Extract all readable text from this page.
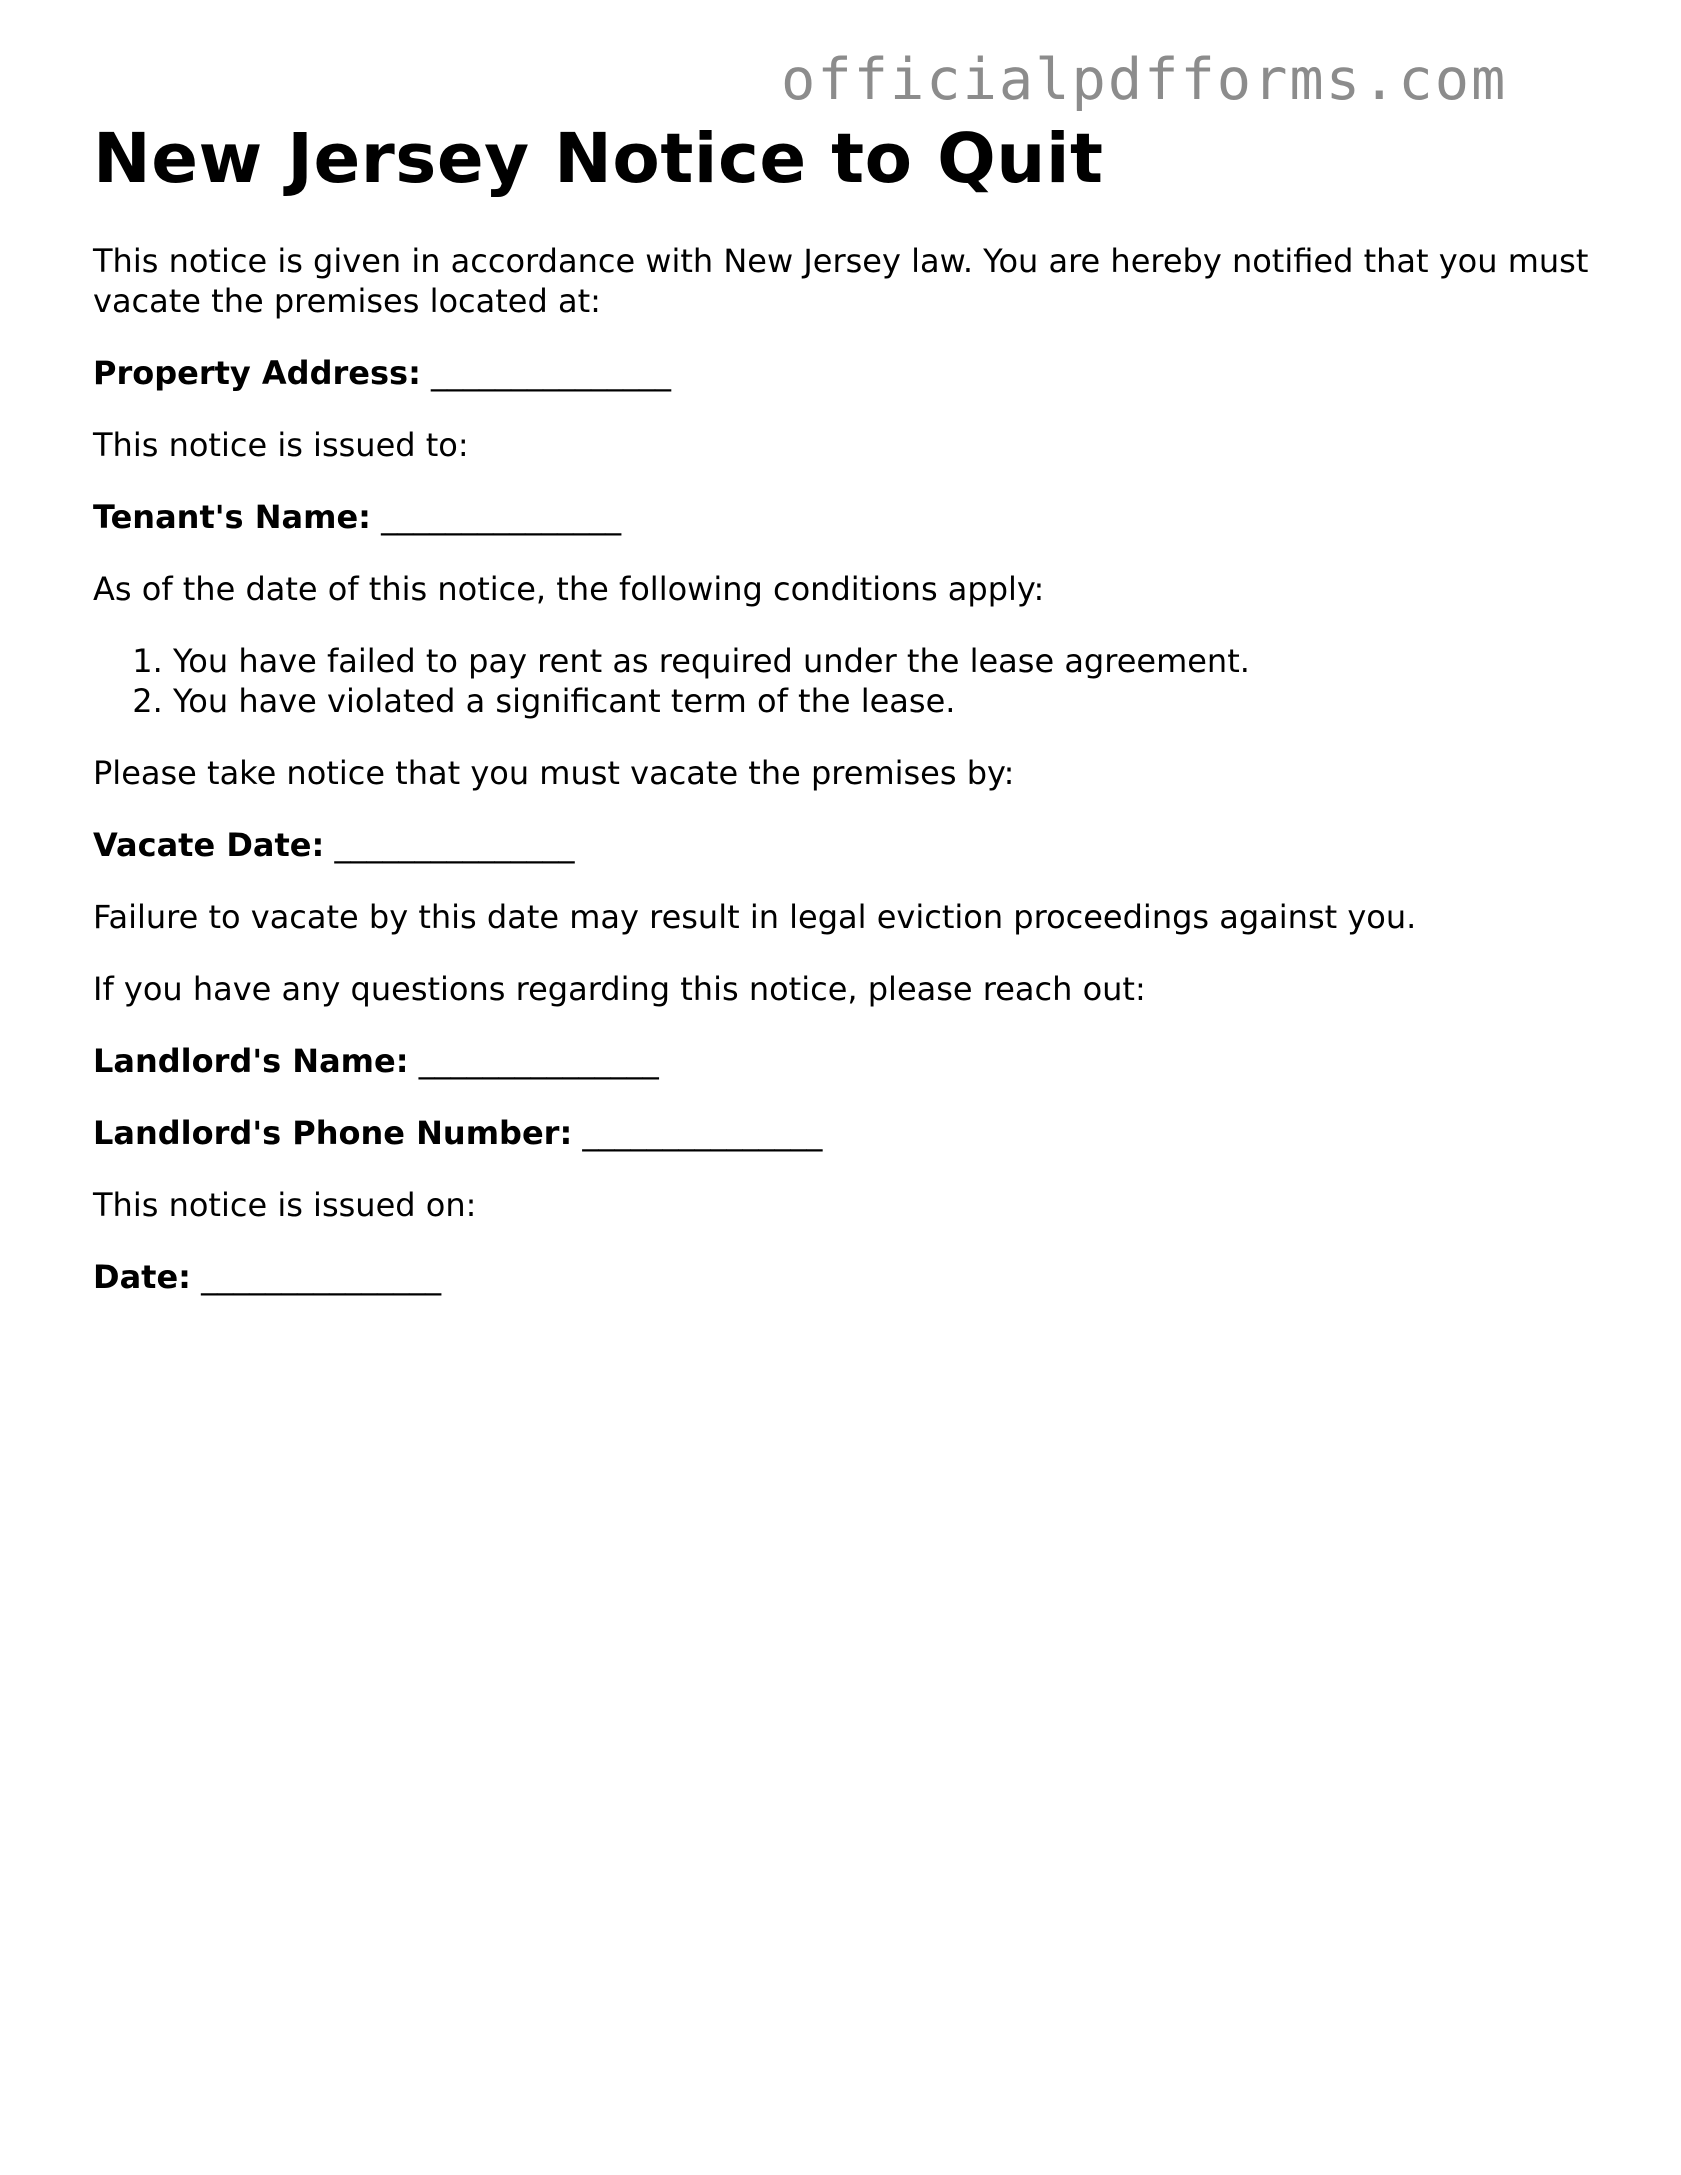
officialpdfforms.com
New Jersey Notice to Quit

This notice is given in accordance with New Jersey law. You are hereby notified that you must vacate the premises located at:

Property Address: _______________

This notice is issued to:

Tenant's Name: _______________

As of the date of this notice, the following conditions apply:

1. You have failed to pay rent as required under the lease agreement.
2. You have violated a significant term of the lease.

Please take notice that you must vacate the premises by:

Vacate Date: _______________

Failure to vacate by this date may result in legal eviction proceedings against you.

If you have any questions regarding this notice, please reach out:

Landlord's Name: _______________

Landlord's Phone Number: _______________

This notice is issued on:

Date: _______________
